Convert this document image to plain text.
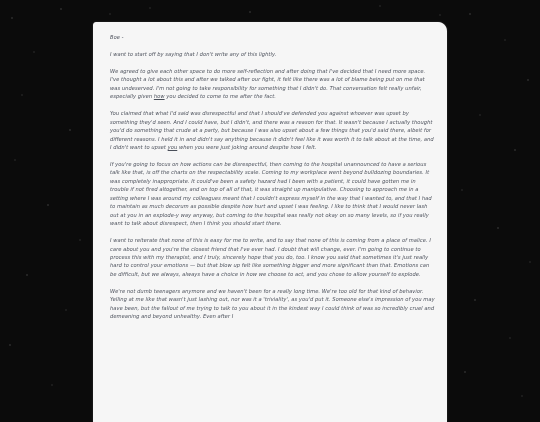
Boe -

I want to start off by saying that I don't write any of this lightly.

We agreed to give each other space to do more self-reflection and after doing that I've decided that I need more space. I've thought a lot about this and after we talked after our fight, it felt like there was a lot of blame being put on me that was undeserved. I'm not going to take responsibility for something that I didn't do. That conversation felt really unfair, especially given how you decided to come to me after the fact.

You claimed that what I'd said was disrespectful and that I should've defended you against whoever was upset by something they'd seen. And I could have, but I didn't, and there was a reason for that. It wasn't because I actually thought you'd do something that crude at a party, but because I was also upset about a few things that you'd said there, albeit for different reasons. I held it in and didn't say anything because it didn't feel like it was worth it to talk about at the time, and I didn't want to upset you when you were just joking around despite how I felt.

If you're going to focus on how actions can be disrespectful, then coming to the hospital unannounced to have a serious talk like that, is off the charts on the respectability scale. Coming to my workplace went beyond bulldozing boundaries. It was completely inappropriate. It could've been a safety hazard had I been with a patient, it could have gotten me in trouble if not fired altogether, and on top of all of that, it was straight up manipulative. Choosing to approach me in a setting where I was around my colleagues meant that I couldn't express myself in the way that I wanted to, and that I had to maintain as much decorum as possible despite how hurt and upset I was feeling. I like to think that I would never lash out at you in an explode-y way anyway, but coming to the hospital was really not okay on so many levels, so if you really want to talk about disrespect, then I think you should start there.

I want to reiterate that none of this is easy for me to write, and to say that none of this is coming from a place of malice. I care about you and you're the closest friend that I've ever had. I doubt that will change, ever. I'm going to continue to process this with my therapist, and I truly, sincerely hope that you do, too. I know you said that sometimes it's just really hard to control your emotions — but that blow up felt like something bigger and more significant than that. Emotions can be difficult, but we always, always have a choice in how we choose to act, and you chose to allow yourself to explode.

We're not dumb teenagers anymore and we haven't been for a really long time. We're too old for that kind of behavior. Yelling at me like that wasn't just lashing out, nor was it a 'triviality', as you'd put it. Someone else's impression of you may have been, but the fallout of me trying to talk to you about it in the kindest way I could think of was so incredibly cruel and demeaning and beyond unhealthy. Even after I
